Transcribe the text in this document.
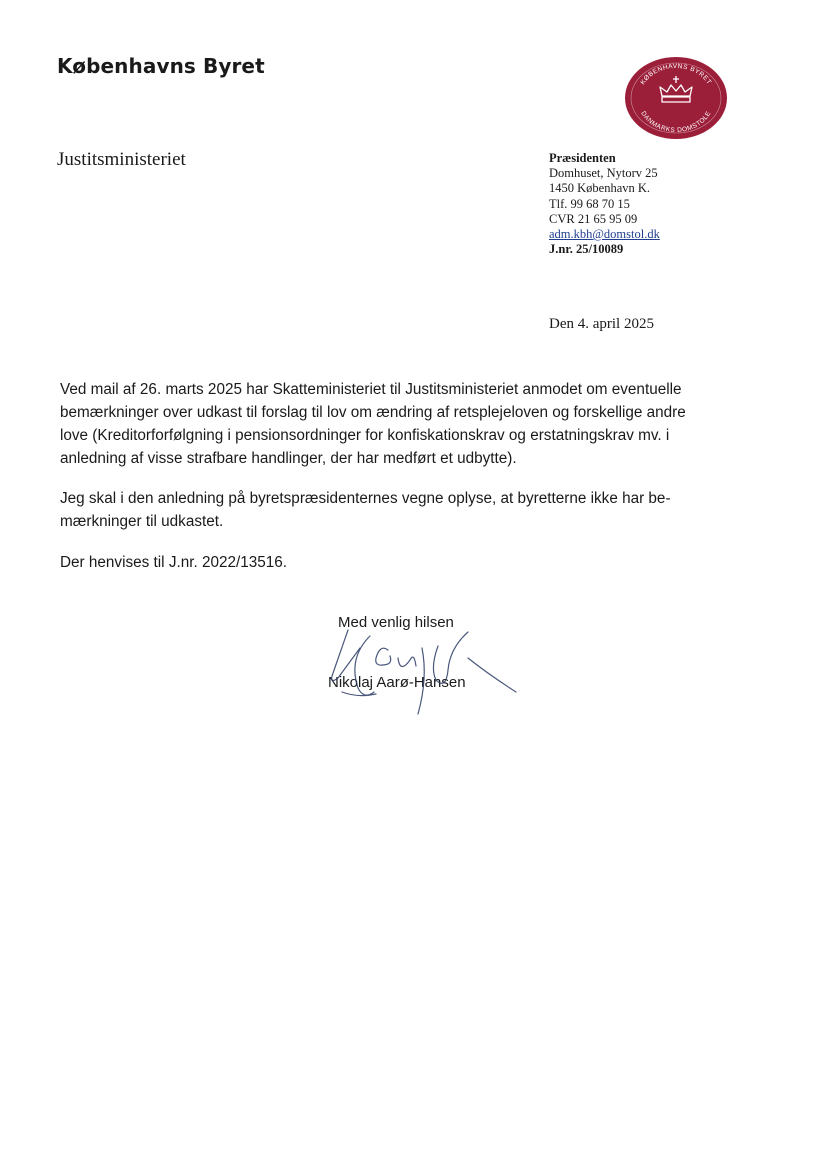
Københavns Byret
KØBENHAVNS BYRET
DANMARKS DOMSTOLE
Justitsministeriet	Præsidenten
Domhuset, Nytorv 25
1450 København K.
Tlf. 99 68 70 15
CVR 21 65 95 09
adm.kbh@domstol.dk
J.nr. 25/10089
Den 4. april 2025
Ved mail af 26. marts 2025 har Skatteministeriet til Justitsministeriet anmodet om eventuelle
bemærkninger over udkast til forslag til lov om ændring af retsplejeloven og forskellige andre
love (Kreditorforfølgning i pensionsordninger for konfiskationskrav og erstatningskrav mv. i
anledning af visse strafbare handlinger, der har medført et udbytte).
Jeg skal i den anledning på byretspræsidenternes vegne oplyse, at byretterne ikke har be-
mærkninger til udkastet.
Der henvises til J.nr. 2022/13516.
Med venlig hilsen
Nikolaj Aarø-Hansen
